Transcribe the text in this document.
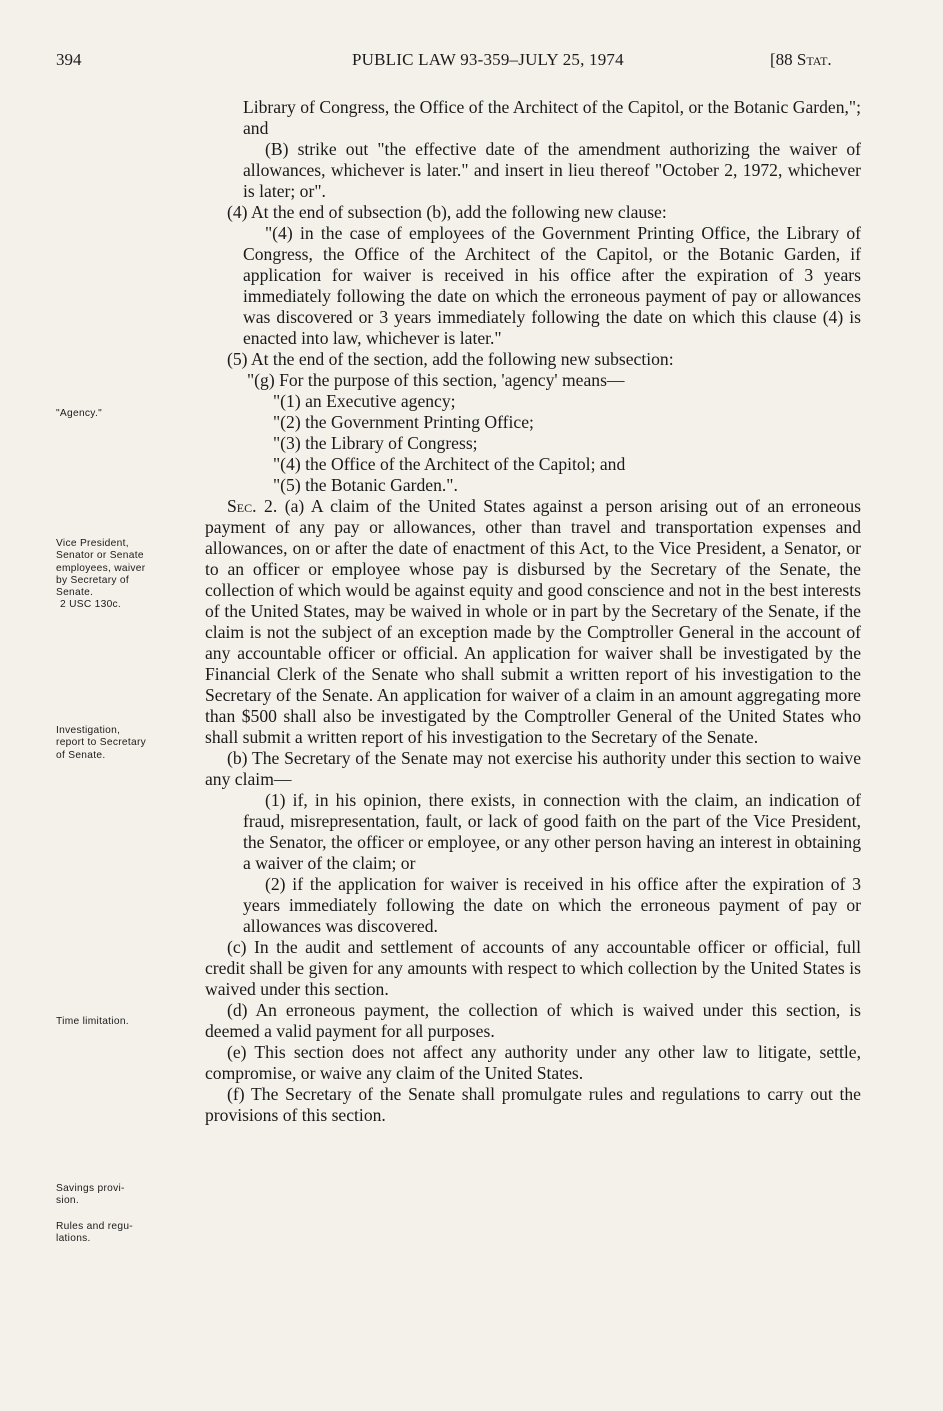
394	PUBLIC LAW 93-359–JULY 25, 1974	[88 Stat.
"Agency."
Vice President,
Senator or Senate
employees, waiver
by Secretary of
Senate.
2 USC 130c.
Investigation,
report to Secretary
of Senate.
Time limitation.
Savings provi-
sion.
Rules and regu-
lations.

Library of Congress, the Office of the Architect of the Capitol, or the Botanic Garden,"; and

(B) strike out "the effective date of the amendment authorizing the waiver of allowances, whichever is later." and insert in lieu thereof "October 2, 1972, whichever is later; or".

(4) At the end of subsection (b), add the following new clause:

"(4) in the case of employees of the Government Printing Office, the Library of Congress, the Office of the Architect of the Capitol, or the Botanic Garden, if application for waiver is received in his office after the expiration of 3 years immediately following the date on which the erroneous payment of pay or allowances was discovered or 3 years immediately following the date on which this clause (4) is enacted into law, whichever is later."

(5) At the end of the section, add the following new subsection:

"(g) For the purpose of this section, 'agency' means—

"(1) an Executive agency;

"(2) the Government Printing Office;

"(3) the Library of Congress;

"(4) the Office of the Architect of the Capitol; and

"(5) the Botanic Garden.".

Sec. 2. (a) A claim of the United States against a person arising out of an erroneous payment of any pay or allowances, other than travel and transportation expenses and allowances, on or after the date of enactment of this Act, to the Vice President, a Senator, or to an officer or employee whose pay is disbursed by the Secretary of the Senate, the collection of which would be against equity and good conscience and not in the best interests of the United States, may be waived in whole or in part by the Secretary of the Senate, if the claim is not the subject of an exception made by the Comptroller General in the account of any accountable officer or official. An application for waiver shall be investigated by the Financial Clerk of the Senate who shall submit a written report of his investigation to the Secretary of the Senate. An application for waiver of a claim in an amount aggregating more than $500 shall also be investigated by the Comptroller General of the United States who shall submit a written report of his investigation to the Secretary of the Senate.

(b) The Secretary of the Senate may not exercise his authority under this section to waive any claim—

(1) if, in his opinion, there exists, in connection with the claim, an indication of fraud, misrepresentation, fault, or lack of good faith on the part of the Vice President, the Senator, the officer or employee, or any other person having an interest in obtaining a waiver of the claim; or

(2) if the application for waiver is received in his office after the expiration of 3 years immediately following the date on which the erroneous payment of pay or allowances was discovered.

(c) In the audit and settlement of accounts of any accountable officer or official, full credit shall be given for any amounts with respect to which collection by the United States is waived under this section.

(d) An erroneous payment, the collection of which is waived under this section, is deemed a valid payment for all purposes.

(e) This section does not affect any authority under any other law to litigate, settle, compromise, or waive any claim of the United States.

(f) The Secretary of the Senate shall promulgate rules and regulations to carry out the provisions of this section.
